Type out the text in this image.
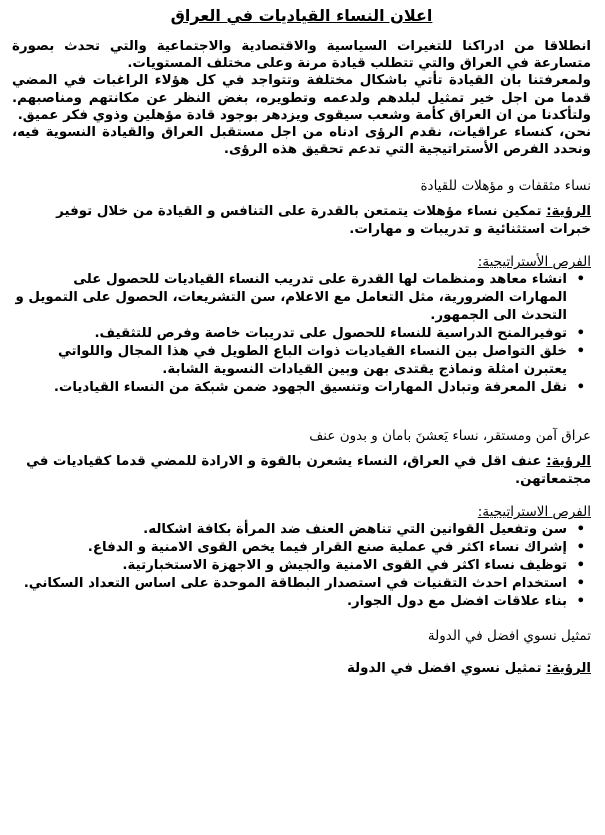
اعلان النساء القياديات في العراق

انطلاقا من ادراكنا للتغيرات السياسية والاقتصادية والاجتماعية والتي تحدث بصورة متسارعة في العراق والتي تتطلب قيادة مرنة وعلى مختلف المستويات.

ولمعرفتنا بان القيادة تأتي باشكال مختلفة وتتواجد في كل هؤلاء الراغبات في المضي قدما من اجل خير تمثيل لبلدهم ولدعمه وتطويره، بغض النظر عن مكانتهم ومناصبهم. ولتأكدنا من ان العراق كأمة وشعب سيقوى ويزدهر بوجود قادة مؤهلين وذوي فكر عميق.

نحن، كنساء عراقيات، نقدم الرؤى ادناه من اجل مستقبل العراق والقيادة النسوية فيه، ونحدد الفرص الأستراتيجية التي تدعم تحقيق هذه الرؤى.

نساء مثقفات و مؤهلات للقيادة

الرؤية: تمكين نساء مؤهلات يتمتعن بالقدرة على التنافس و القيادة من خلال توفير خبرات استثنائية و تدريبات و مهارات.

الفرص الأستراتيجية:
• انشاء معاهد ومنظمات لها القدرة على تدريب النساء القياديات للحصول على المهارات الضرورية، مثل التعامل مع الاعلام، سن التشريعات، الحصول على التمويل و التحدث الى الجمهور.
• توفيرالمنح الدراسية للنساء للحصول على تدريبات خاصة وفرص للتثقيف.
• خلق التواصل بين النساء القياديات ذوات الباع الطويل في هذا المجال واللواتي يعتبرن امثلة ونماذج يقتدى بهن وبين القيادات النسوية الشابة.
• نقل المعرفة وتبادل المهارات وتنسيق الجهود ضمن شبكة من النساء القياديات.
عراق آمن ومستقر، نساء يَعشنَ بامان و بدون عنف

الرؤية: عنف اقل في العراق، النساء يشعرن بالقوة و الارادة للمضي قدما كقياديات في مجتمعاتهن.

الفرص الاستراتيجية:
• سن وتفعيل القوانين التي تناهض العنف ضد المرأة بكافة اشكاله.
• إشراك نساء اكثر في عملية صنع القرار فيما يخص القوى الامنية و الدفاع.
• توظيف نساء اكثر في القوى الامنية والجيش و الاجهزة الاستخبارتية.
• استخدام احدث التقنيات في استصدار البطاقة الموحدة على اساس التعداد السكاني.
• بناء علاقات افضل مع دول الجوار.
تمثيل نسوي افضل في الدولة

الرؤية: تمثيل نسوي افضل في الدولة
